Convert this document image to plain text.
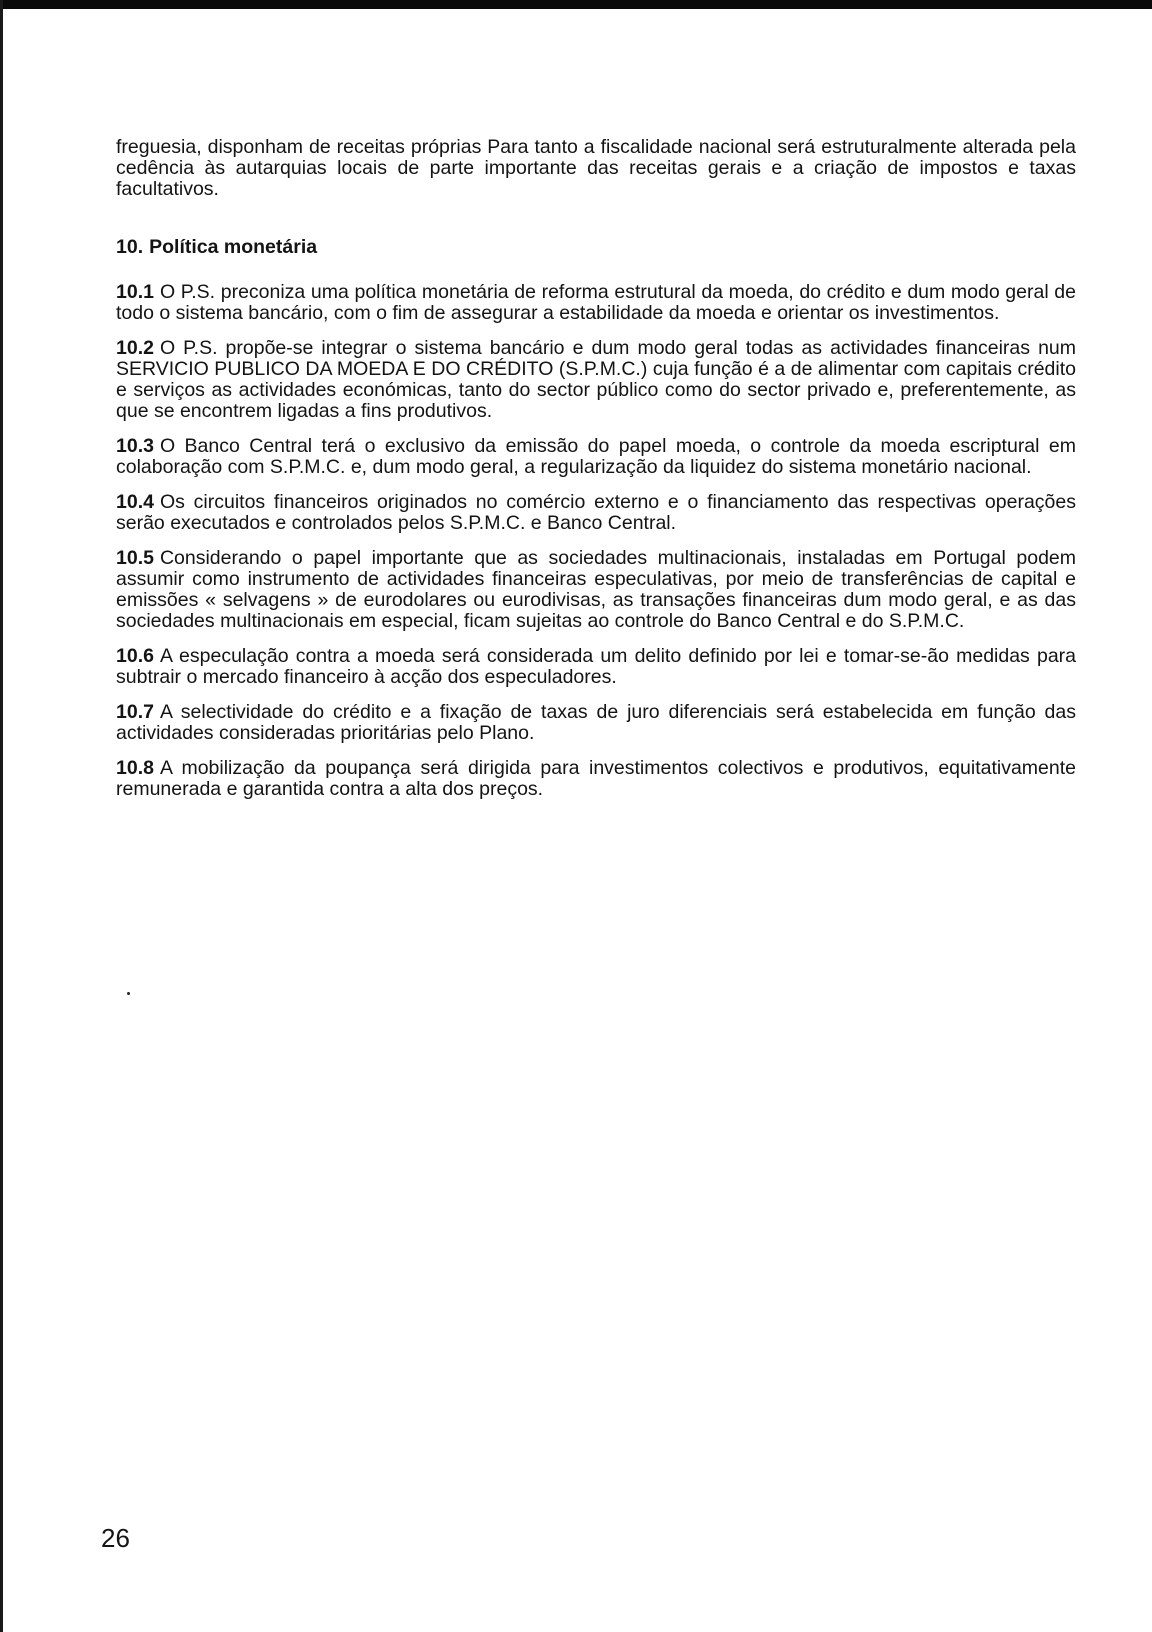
freguesia, disponham de receitas próprias Para tanto a fiscalidade nacional será estruturalmente alterada pela cedência às autarquias locais de parte importante das receitas gerais e a criação de impostos e taxas facultativos.

10. Política monetária

10.1 O P.S. preconiza uma política monetária de reforma estrutural da moeda, do crédito e dum modo geral de todo o sistema bancário, com o fim de assegurar a estabilidade da moeda e orientar os investimentos.

10.2 O P.S. propõe-se integrar o sistema bancário e dum modo geral todas as actividades financeiras num SERVICIO PUBLICO DA MOEDA E DO CRÉDITO (S.P.M.C.) cuja função é a de alimentar com capitais crédito e serviços as actividades económicas, tanto do sector público como do sector privado e, preferentemente, as que se encontrem ligadas a fins produtivos.

10.3 O Banco Central terá o exclusivo da emissão do papel moeda, o controle da moeda escriptural em colaboração com S.P.M.C. e, dum modo geral, a regularização da liquidez do sistema monetário nacional.

10.4 Os circuitos financeiros originados no comércio externo e o financiamento das respectivas operações serão executados e controlados pelos S.P.M.C. e Banco Central.

10.5 Considerando o papel importante que as sociedades multinacionais, instaladas em Portugal podem assumir como instrumento de actividades financeiras especulativas, por meio de transferências de capital e emissões « selvagens » de eurodolares ou eurodivisas, as transações financeiras dum modo geral, e as das sociedades multinacionais em especial, ficam sujeitas ao controle do Banco Central e do S.P.M.C.

10.6 A especulação contra a moeda será considerada um delito definido por lei e tomar-se-ão medidas para subtrair o mercado financeiro à acção dos especuladores.

10.7 A selectividade do crédito e a fixação de taxas de juro diferenciais será estabelecida em função das actividades consideradas prioritárias pelo Plano.

10.8 A mobilização da poupança será dirigida para investimentos colectivos e produtivos, equitativamente remunerada e garantida contra a alta dos preços.

26
